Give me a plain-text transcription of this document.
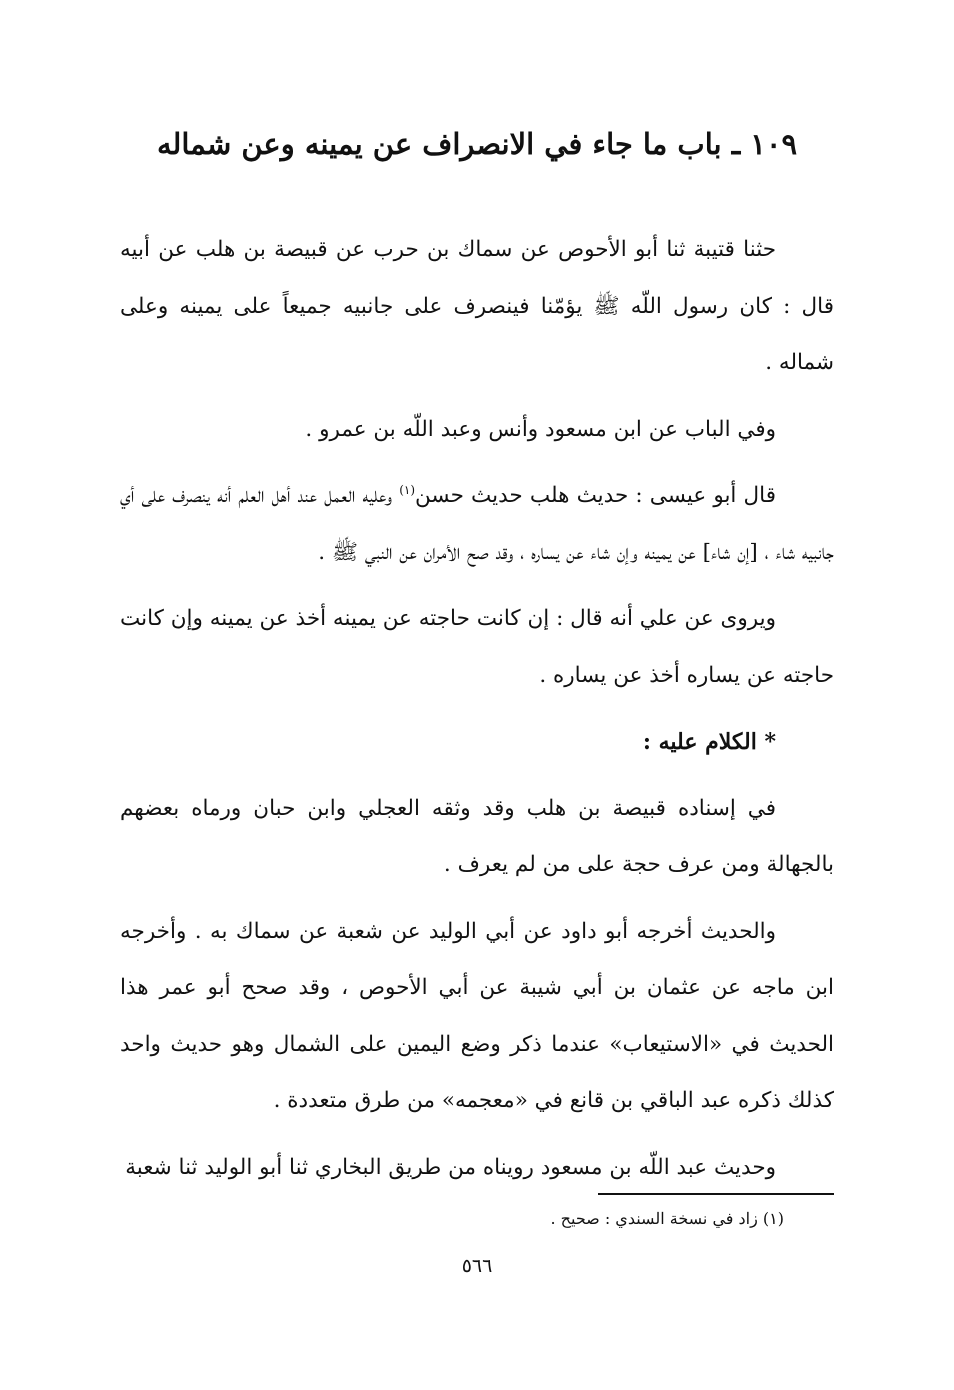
١٠٩ ـ باب ما جاء في الانصراف عن يمينه وعن شماله

حثنا قتيبة ثنا أبو الأحوص عن سماك بن حرب عن قبيصة بن هلب عن أبيه قال : كان رسول اللّه ﷺ يؤمّنا فينصرف على جانبيه جميعاً على يمينه وعلى شماله .

وفي الباب عن ابن مسعود وأنس وعبد اللّه بن عمرو .

قال أبو عيسى : حديث هلب حديث حسن$^{(١)}$ وعليه العمل عند أهل العلم أنه ينصرف على أي جانبيه شاء ، [إن شاء] عن يمينه وإن شاء عن يساره ، وقد صح الأمران عن النبي ﷺ .

ويروى عن علي أنه قال : إن كانت حاجته عن يمينه أخذ عن يمينه وإن كانت حاجته عن يساره أخذ عن يساره .

* الكلام عليه :

في إسناده قبيصة بن هلب وقد وثقه العجلي وابن حبان ورماه بعضهم بالجهالة ومن عرف حجة على من لم يعرف .

والحديث أخرجه أبو داود عن أبي الوليد عن شعبة عن سماك به . وأخرجه ابن ماجه عن عثمان بن أبي شيبة عن أبي الأحوص ، وقد صحح أبو عمر هذا الحديث في «الاستيعاب» عندما ذكر وضع اليمين على الشمال وهو حديث واحد كذلك ذكره عبد الباقي بن قانع في «معجمه» من طرق متعددة .

وحديث عبد اللّه بن مسعود رويناه من طريق البخاري ثنا أبو الوليد ثنا شعبة

(١) زاد في نسخة السندي : صحيح .

٥٦٦
